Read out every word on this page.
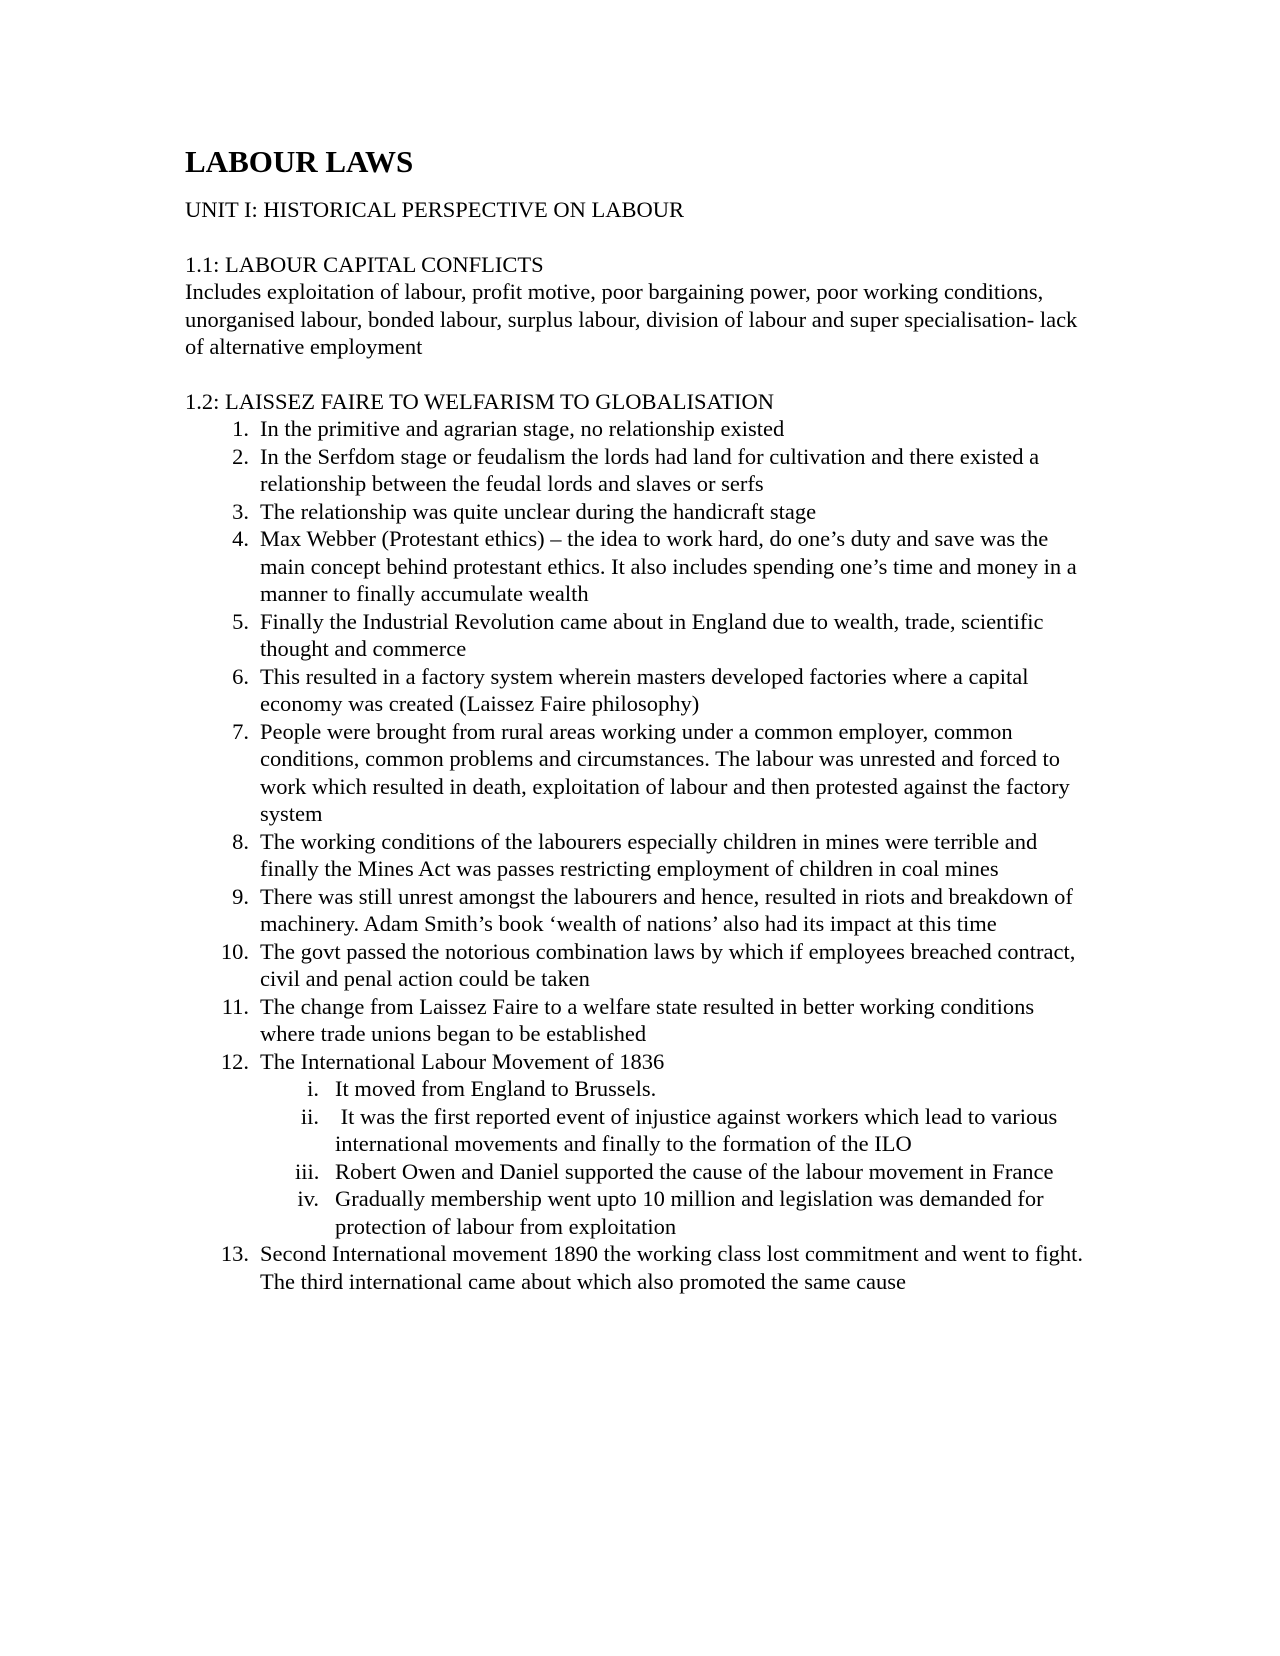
LABOUR LAWS

UNIT I: HISTORICAL PERSPECTIVE ON LABOUR

1.1: LABOUR CAPITAL CONFLICTS

Includes exploitation of labour, profit motive, poor bargaining power, poor working conditions, unorganised labour, bonded labour, surplus labour, division of labour and super specialisation- lack of alternative employment

1.2: LAISSEZ FAIRE TO WELFARISM TO GLOBALISATION

1. In the primitive and agrarian stage, no relationship existed
2. In the Serfdom stage or feudalism the lords had land for cultivation and there existed a relationship between the feudal lords and slaves or serfs
3. The relationship was quite unclear during the handicraft stage
4. Max Webber (Protestant ethics) – the idea to work hard, do one’s duty and save was the main concept behind protestant ethics. It also includes spending one’s time and money in a manner to finally accumulate wealth
5. Finally the Industrial Revolution came about in England due to wealth, trade, scientific thought and commerce
6. This resulted in a factory system wherein masters developed factories where a capital economy was created (Laissez Faire philosophy)
7. People were brought from rural areas working under a common employer, common conditions, common problems and circumstances. The labour was unrested and forced to work which resulted in death, exploitation of labour and then protested against the factory system
8. The working conditions of the labourers especially children in mines were terrible and finally the Mines Act was passes restricting employment of children in coal mines
9. There was still unrest amongst the labourers and hence, resulted in riots and breakdown of machinery. Adam Smith’s book ‘wealth of nations’ also had its impact at this time
10. The govt passed the notorious combination laws by which if employees breached contract, civil and penal action could be taken
11. The change from Laissez Faire to a welfare state resulted in better working conditions where trade unions began to be established
12. The International Labour Movement of 1836
i. It moved from England to Brussels.
ii. It was the first reported event of injustice against workers which lead to various international movements and finally to the formation of the ILO
iii. Robert Owen and Daniel supported the cause of the labour movement in France
iv. Gradually membership went upto 10 million and legislation was demanded for protection of labour from exploitation
13. Second International movement 1890 the working class lost commitment and went to fight. The third international came about which also promoted the same cause
